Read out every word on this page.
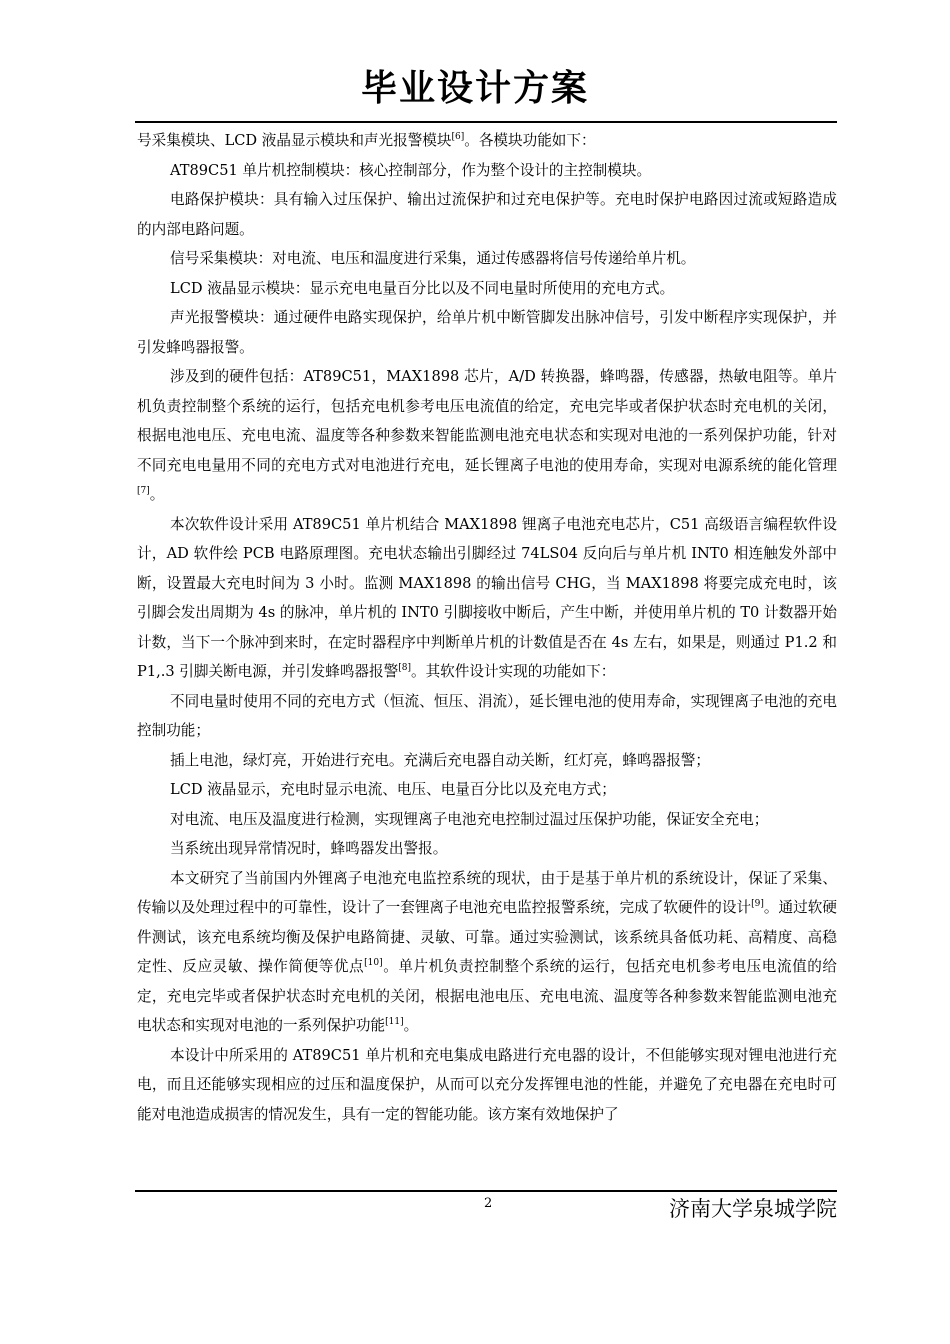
毕业设计方案

号采集模块、LCD 液晶显示模块和声光报警模块[6]。各模块功能如下：

AT89C51 单片机控制模块：核心控制部分，作为整个设计的主控制模块。

电路保护模块：具有输入过压保护、输出过流保护和过充电保护等。充电时保护电路因过流或短路造成的内部电路问题。

信号采集模块：对电流、电压和温度进行采集，通过传感器将信号传递给单片机。

LCD 液晶显示模块：显示充电电量百分比以及不同电量时所使用的充电方式。

声光报警模块：通过硬件电路实现保护，给单片机中断管脚发出脉冲信号，引发中断程序实现保护，并引发蜂鸣器报警。

涉及到的硬件包括：AT89C51，MAX1898 芯片，A/D 转换器，蜂鸣器，传感器，热敏电阻等。单片机负责控制整个系统的运行，包括充电机参考电压电流值的给定，充电完毕或者保护状态时充电机的关闭，根据电池电压、充电电流、温度等各种参数来智能监测电池充电状态和实现对电池的一系列保护功能，针对不同充电电量用不同的充电方式对电池进行充电，延长锂离子电池的使用寿命，实现对电源系统的能化管理[7]。

本次软件设计采用 AT89C51 单片机结合 MAX1898 锂离子电池充电芯片，C51 高级语言编程软件设计，AD 软件绘 PCB 电路原理图。充电状态输出引脚经过 74LS04 反向后与单片机 INT0 相连触发外部中断，设置最大充电时间为 3 小时。监测 MAX1898 的输出信号 CHG，当 MAX1898 将要完成充电时，该引脚会发出周期为 4s 的脉冲，单片机的 INT0 引脚接收中断后，产生中断，并使用单片机的 T0 计数器开始计数，当下一个脉冲到来时，在定时器程序中判断单片机的计数值是否在 4s 左右，如果是，则通过 P1.2 和 P1,.3 引脚关断电源，并引发蜂鸣器报警[8]。其软件设计实现的功能如下：

不同电量时使用不同的充电方式（恒流、恒压、涓流），延长锂电池的使用寿命，实现锂离子电池的充电控制功能；

插上电池，绿灯亮，开始进行充电。充满后充电器自动关断，红灯亮，蜂鸣器报警；

LCD 液晶显示，充电时显示电流、电压、电量百分比以及充电方式；

对电流、电压及温度进行检测，实现锂离子电池充电控制过温过压保护功能，保证安全充电；

当系统出现异常情况时，蜂鸣器发出警报。

本文研究了当前国内外锂离子电池充电监控系统的现状，由于是基于单片机的系统设计，保证了采集、传输以及处理过程中的可靠性，设计了一套锂离子电池充电监控报警系统，完成了软硬件的设计[9]。通过软硬件测试，该充电系统均衡及保护电路简捷、灵敏、可靠。通过实验测试，该系统具备低功耗、高精度、高稳定性、反应灵敏、操作简便等优点[10]。单片机负责控制整个系统的运行，包括充电机参考电压电流值的给定，充电完毕或者保护状态时充电机的关闭，根据电池电压、充电电流、温度等各种参数来智能监测电池充电状态和实现对电池的一系列保护功能[11]。

本设计中所采用的 AT89C51 单片机和充电集成电路进行充电器的设计，不但能够实现对锂电池进行充电，而且还能够实现相应的过压和温度保护，从而可以充分发挥锂电池的性能，并避免了充电器在充电时可能对电池造成损害的情况发生，具有一定的智能功能。该方案有效地保护了

2	济南大学泉城学院
